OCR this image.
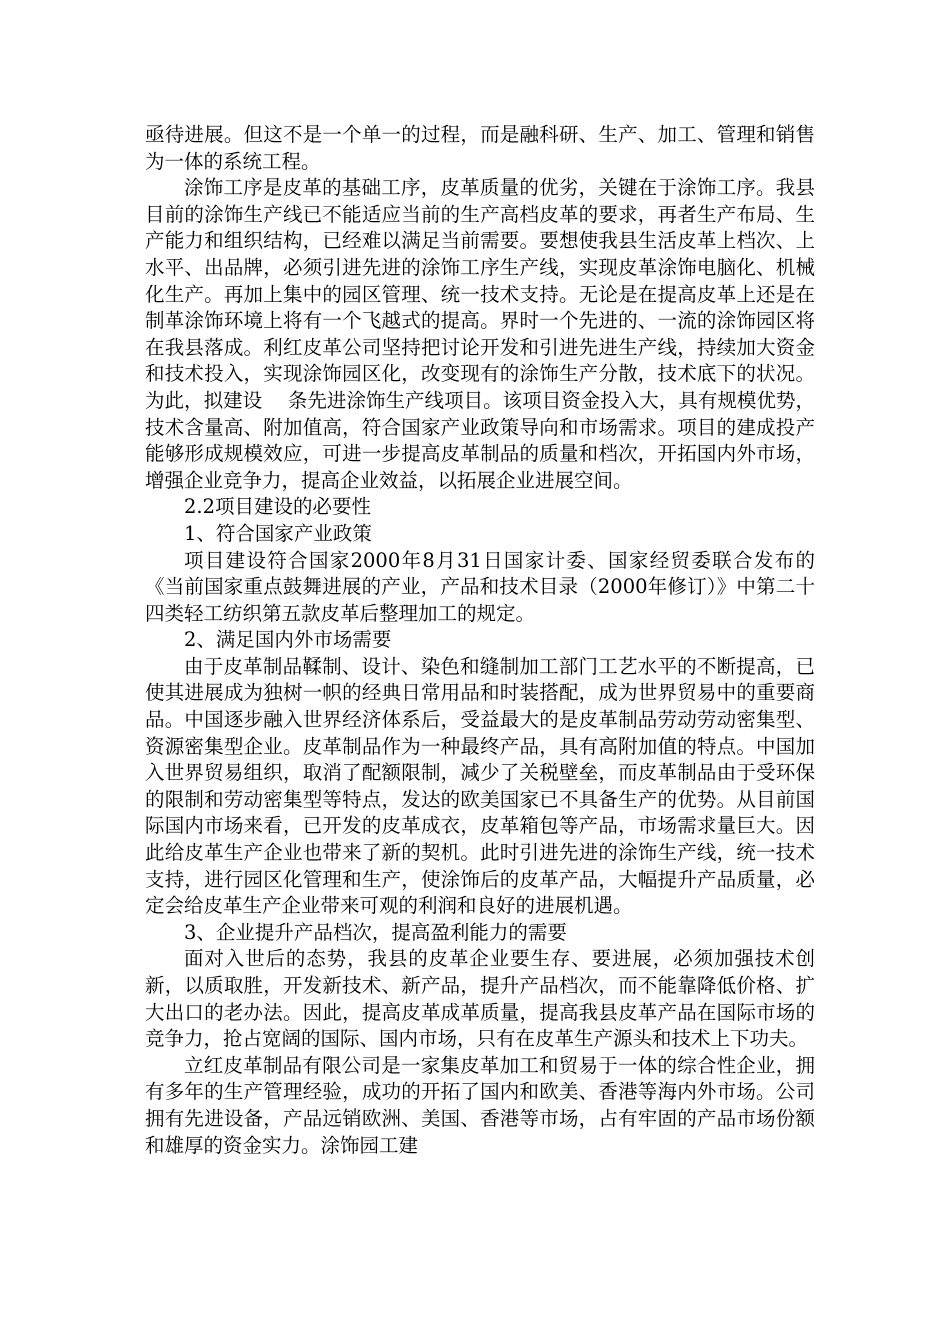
亟待进展。但这不是一个单一的过程，而是融科研、生产、加工、管理和销售为一体的系统工程。

涂饰工序是皮革的基础工序，皮革质量的优劣，关键在于涂饰工序。我县目前的涂饰生产线已不能适应当前的生产高档皮革的要求，再者生产布局、生产能力和组织结构，已经难以满足当前需要。要想使我县生活皮革上档次、上水平、出品牌，必须引进先进的涂饰工序生产线，实现皮革涂饰电脑化、机械化生产。再加上集中的园区管理、统一技术支持。无论是在提高皮革上还是在制革涂饰环境上将有一个飞越式的提高。界时一个先进的、一流的涂饰园区将在我县落成。利红皮革公司坚持把讨论开发和引进先进生产线，持续加大资金和技术投入，实现涂饰园区化，改变现有的涂饰生产分散，技术底下的状况。为此，拟建设　 条先进涂饰生产线项目。该项目资金投入大，具有规模优势，技术含量高、附加值高，符合国家产业政策导向和市场需求。项目的建成投产能够形成规模效应，可进一步提高皮革制品的质量和档次，开拓国内外市场，增强企业竞争力，提高企业效益，以拓展企业进展空间。

2.2项目建设的必要性

1、符合国家产业政策

项目建设符合国家2000年8月31日国家计委、国家经贸委联合发布的《当前国家重点鼓舞进展的产业，产品和技术目录（2000年修订）》中第二十四类轻工纺织第五款皮革后整理加工的规定。

2、满足国内外市场需要

由于皮革制品鞣制、设计、染色和缝制加工部门工艺水平的不断提高，已使其进展成为独树一帜的经典日常用品和时装搭配，成为世界贸易中的重要商品。中国逐步融入世界经济体系后，受益最大的是皮革制品劳动劳动密集型、资源密集型企业。皮革制品作为一种最终产品，具有高附加值的特点。中国加入世界贸易组织，取消了配额限制，减少了关税壁垒，而皮革制品由于受环保的限制和劳动密集型等特点，发达的欧美国家已不具备生产的优势。从目前国际国内市场来看，已开发的皮革成衣，皮革箱包等产品，市场需求量巨大。因此给皮革生产企业也带来了新的契机。此时引进先进的涂饰生产线，统一技术支持，进行园区化管理和生产，使涂饰后的皮革产品，大幅提升产品质量，必定会给皮革生产企业带来可观的利润和良好的进展机遇。

3、企业提升产品档次，提高盈利能力的需要

面对入世后的态势，我县的皮革企业要生存、要进展，必须加强技术创新，以质取胜，开发新技术、新产品，提升产品档次，而不能靠降低价格、扩大出口的老办法。因此，提高皮革成革质量，提高我县皮革产品在国际市场的竞争力，抢占宽阔的国际、国内市场，只有在皮革生产源头和技术上下功夫。

立红皮革制品有限公司是一家集皮革加工和贸易于一体的综合性企业，拥有多年的生产管理经验，成功的开拓了国内和欧美、香港等海内外市场。公司拥有先进设备，产品远销欧洲、美国、香港等市场，占有牢固的产品市场份额和雄厚的资金实力。涂饰园工建
